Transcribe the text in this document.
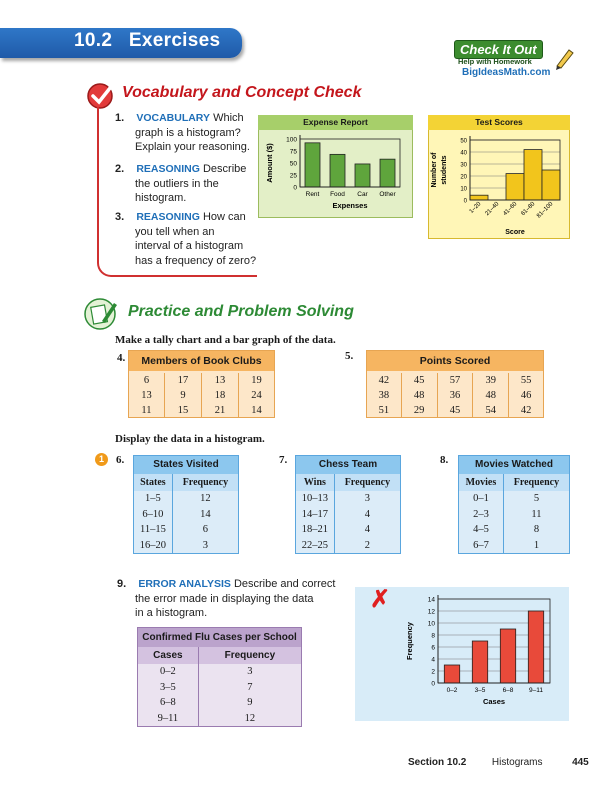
10.2   Exercises	Check It Out
Help with Homework
BigIdeasMath.com
Vocabulary and Concept Check
1. VOCABULARY Which
graph is a histogram?
Explain your reasoning.
2. REASONING Describe
the outliers in the
histogram.
3. REASONING How can
you tell when an
interval of a histogram
has a frequency of zero?
Expense Report
0
25
50
75
100
Rent Food Car Other
Expenses
Amount ($)
Test Scores
0
10
20
30
40
50
1–20 21–40 41–60 61–80 81–100
Score
Number of students
Practice and Problem Solving
Make a tally chart and a bar graph of the data.
4.	Members of Book Clubs
6	17	13	19
13	9	18	24
11	15	21	14
5.	Points Scored
42	45	57	39	55
38	48	36	48	46
51	29	45	54	42
Display the data in a histogram.
1	6.	States Visited
States	Frequency
1–5	12
6–10	14
11–15	6
16–20	3
7.	Chess Team
Wins	Frequency
10–13	3
14–17	4
18–21	4
22–25	2
8.	Movies Watched
Movies	Frequency
0–1	5
2–3	11
4–5	8
6–7	1
9. ERROR ANALYSIS Describe and correct
the error made in displaying the data
in a histogram.
Confirmed Flu Cases per School
Cases	Frequency
0–2	3
3–5	7
6–8	9
9–11	12
✗
0
2
4
6
8
10
12
14
0–2	3–5	6–8 9–11
Cases
Frequency
Section 10.2	Histograms	445
